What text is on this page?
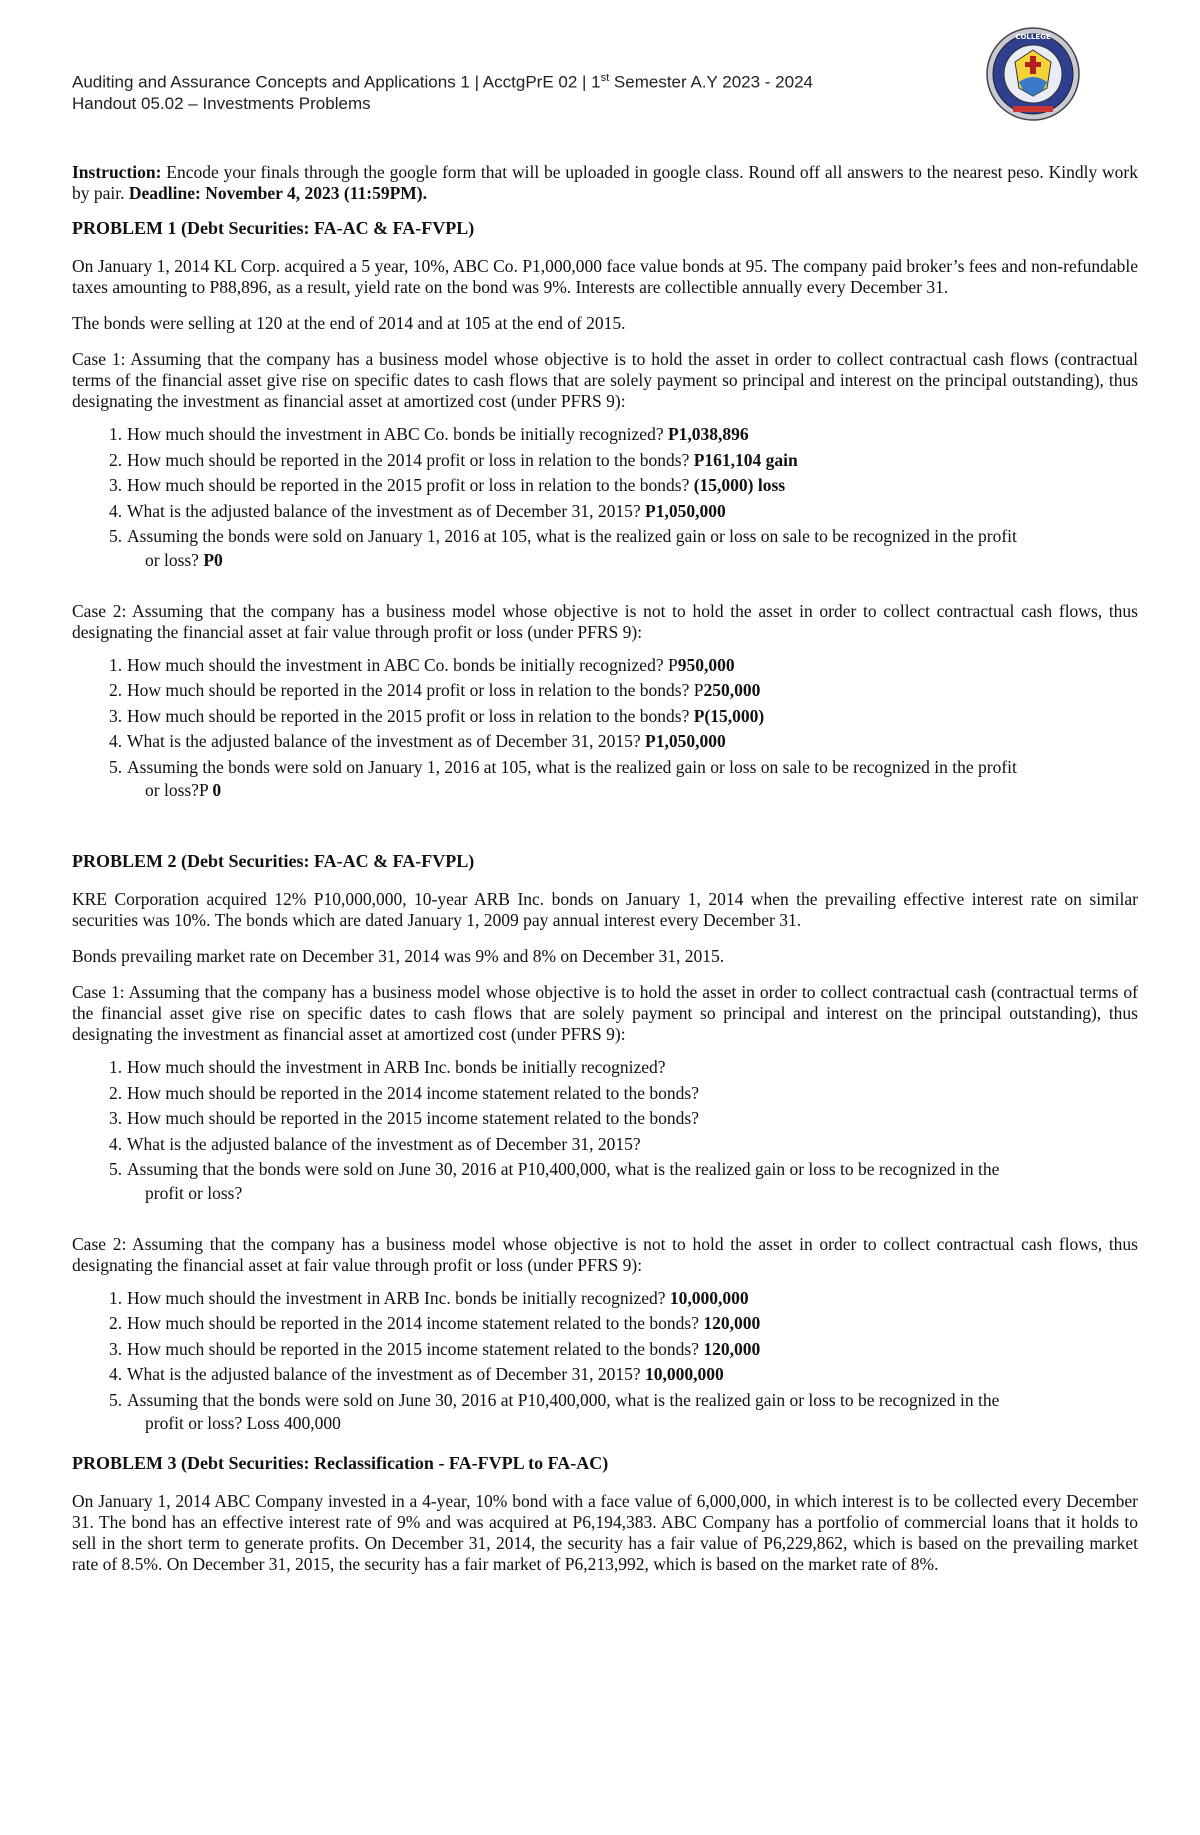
Auditing and Assurance Concepts and Applications 1 | AcctgPrE 02 | 1st Semester A.Y 2023 - 2024
Handout 05.02 – Investments Problems
COLLEGE

Instruction: Encode your finals through the google form that will be uploaded in google class. Round off all answers to the nearest peso. Kindly work by pair. Deadline: November 4, 2023 (11:59PM).

PROBLEM 1 (Debt Securities: FA-AC & FA-FVPL)

On January 1, 2014 KL Corp. acquired a 5 year, 10%, ABC Co. P1,000,000 face value bonds at 95. The company paid broker’s fees and non-refundable taxes amounting to P88,896, as a result, yield rate on the bond was 9%. Interests are collectible annually every December 31.

The bonds were selling at 120 at the end of 2014 and at 105 at the end of 2015.

Case 1: Assuming that the company has a business model whose objective is to hold the asset in order to collect contractual cash flows (contractual terms of the financial asset give rise on specific dates to cash flows that are solely payment so principal and interest on the principal outstanding), thus designating the investment as financial asset at amortized cost (under PFRS 9):

1. How much should the investment in ABC Co. bonds be initially recognized? P1,038,896
2. How much should be reported in the 2014 profit or loss in relation to the bonds? P161,104 gain
3. How much should be reported in the 2015 profit or loss in relation to the bonds? (15,000) loss
4. What is the adjusted balance of the investment as of December 31, 2015? P1,050,000
5. Assuming the bonds were sold on January 1, 2016 at 105, what is the realized gain or loss on sale to be recognized in the profit
or loss? P0

Case 2: Assuming that the company has a business model whose objective is not to hold the asset in order to collect contractual cash flows, thus designating the financial asset at fair value through profit or loss (under PFRS 9):

1. How much should the investment in ABC Co. bonds be initially recognized? P950,000
2. How much should be reported in the 2014 profit or loss in relation to the bonds? P250,000
3. How much should be reported in the 2015 profit or loss in relation to the bonds? P(15,000)
4. What is the adjusted balance of the investment as of December 31, 2015? P1,050,000
5. Assuming the bonds were sold on January 1, 2016 at 105, what is the realized gain or loss on sale to be recognized in the profit
or loss?P 0
PROBLEM 2 (Debt Securities: FA-AC & FA-FVPL)

KRE Corporation acquired 12% P10,000,000, 10-year ARB Inc. bonds on January 1, 2014 when the prevailing effective interest rate on similar securities was 10%. The bonds which are dated January 1, 2009 pay annual interest every December 31.

Bonds prevailing market rate on December 31, 2014 was 9% and 8% on December 31, 2015.

Case 1: Assuming that the company has a business model whose objective is to hold the asset in order to collect contractual cash (contractual terms of the financial asset give rise on specific dates to cash flows that are solely payment so principal and interest on the principal outstanding), thus designating the investment as financial asset at amortized cost (under PFRS 9):

1. How much should the investment in ARB Inc. bonds be initially recognized?
2. How much should be reported in the 2014 income statement related to the bonds?
3. How much should be reported in the 2015 income statement related to the bonds?
4. What is the adjusted balance of the investment as of December 31, 2015?
5. Assuming that the bonds were sold on June 30, 2016 at P10,400,000, what is the realized gain or loss to be recognized in the
profit or loss?

Case 2: Assuming that the company has a business model whose objective is not to hold the asset in order to collect contractual cash flows, thus designating the financial asset at fair value through profit or loss (under PFRS 9):

1. How much should the investment in ARB Inc. bonds be initially recognized? 10,000,000
2. How much should be reported in the 2014 income statement related to the bonds? 120,000
3. How much should be reported in the 2015 income statement related to the bonds? 120,000
4. What is the adjusted balance of the investment as of December 31, 2015? 10,000,000
5. Assuming that the bonds were sold on June 30, 2016 at P10,400,000, what is the realized gain or loss to be recognized in the
profit or loss? Loss 400,000
PROBLEM 3 (Debt Securities: Reclassification - FA-FVPL to FA-AC)

On January 1, 2014 ABC Company invested in a 4-year, 10% bond with a face value of 6,000,000, in which interest is to be collected every December 31. The bond has an effective interest rate of 9% and was acquired at P6,194,383. ABC Company has a portfolio of commercial loans that it holds to sell in the short term to generate profits. On December 31, 2014, the security has a fair value of P6,229,862, which is based on the prevailing market rate of 8.5%. On December 31, 2015, the security has a fair market of P6,213,992, which is based on the market rate of 8%.
